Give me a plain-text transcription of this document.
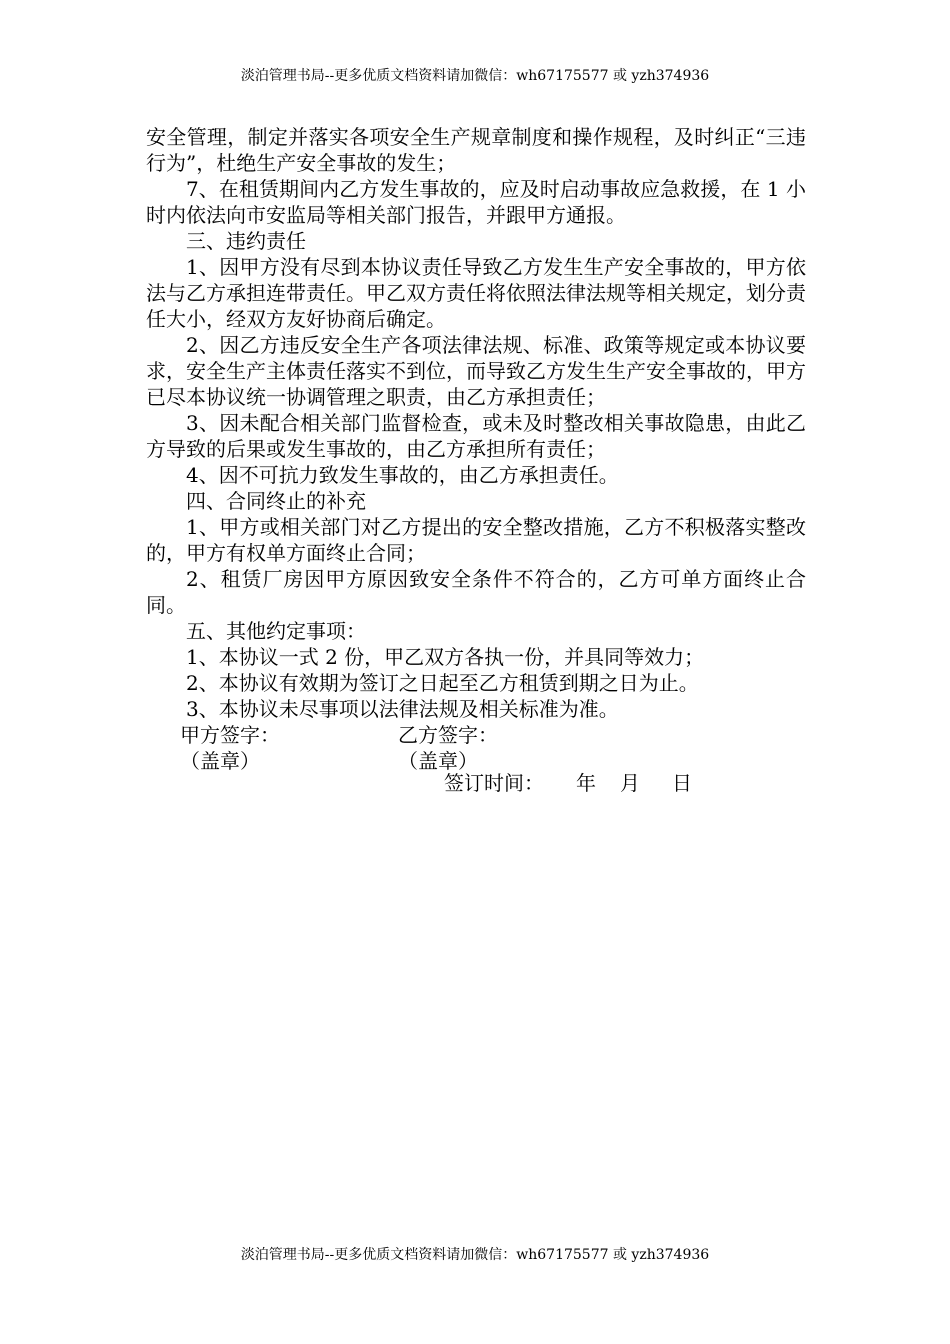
淡泊管理书局--更多优质文档资料请加微信：wh67175577 或 yzh374936

安全管理，制定并落实各项安全生产规章制度和操作规程，及时纠正“三违行为”，杜绝生产安全事故的发生；

7、在租赁期间内乙方发生事故的，应及时启动事故应急救援，在 1 小时内依法向市安监局等相关部门报告，并跟甲方通报。

三、违约责任

1、因甲方没有尽到本协议责任导致乙方发生生产安全事故的，甲方依法与乙方承担连带责任。甲乙双方责任将依照法律法规等相关规定，划分责任大小，经双方友好协商后确定。

2、因乙方违反安全生产各项法律法规、标准、政策等规定或本协议要求，安全生产主体责任落实不到位，而导致乙方发生生产安全事故的，甲方已尽本协议统一协调管理之职责，由乙方承担责任；

3、因未配合相关部门监督检查，或未及时整改相关事故隐患，由此乙方导致的后果或发生事故的，由乙方承担所有责任；

4、因不可抗力致发生事故的，由乙方承担责任。

四、合同终止的补充

1、甲方或相关部门对乙方提出的安全整改措施，乙方不积极落实整改的，甲方有权单方面终止合同；

2、租赁厂房因甲方原因致安全条件不符合的，乙方可单方面终止合同。

五、其他约定事项：

1、本协议一式 2 份，甲乙双方各执一份，并具同等效力；

2、本协议有效期为签订之日起至乙方租赁到期之日为止。

3、本协议未尽事项以法律法规及相关标准为准。

甲方签字：	乙方签字：
（盖章）	（盖章）
签订时间： 年 月 日
淡泊管理书局--更多优质文档资料请加微信：wh67175577 或 yzh374936
